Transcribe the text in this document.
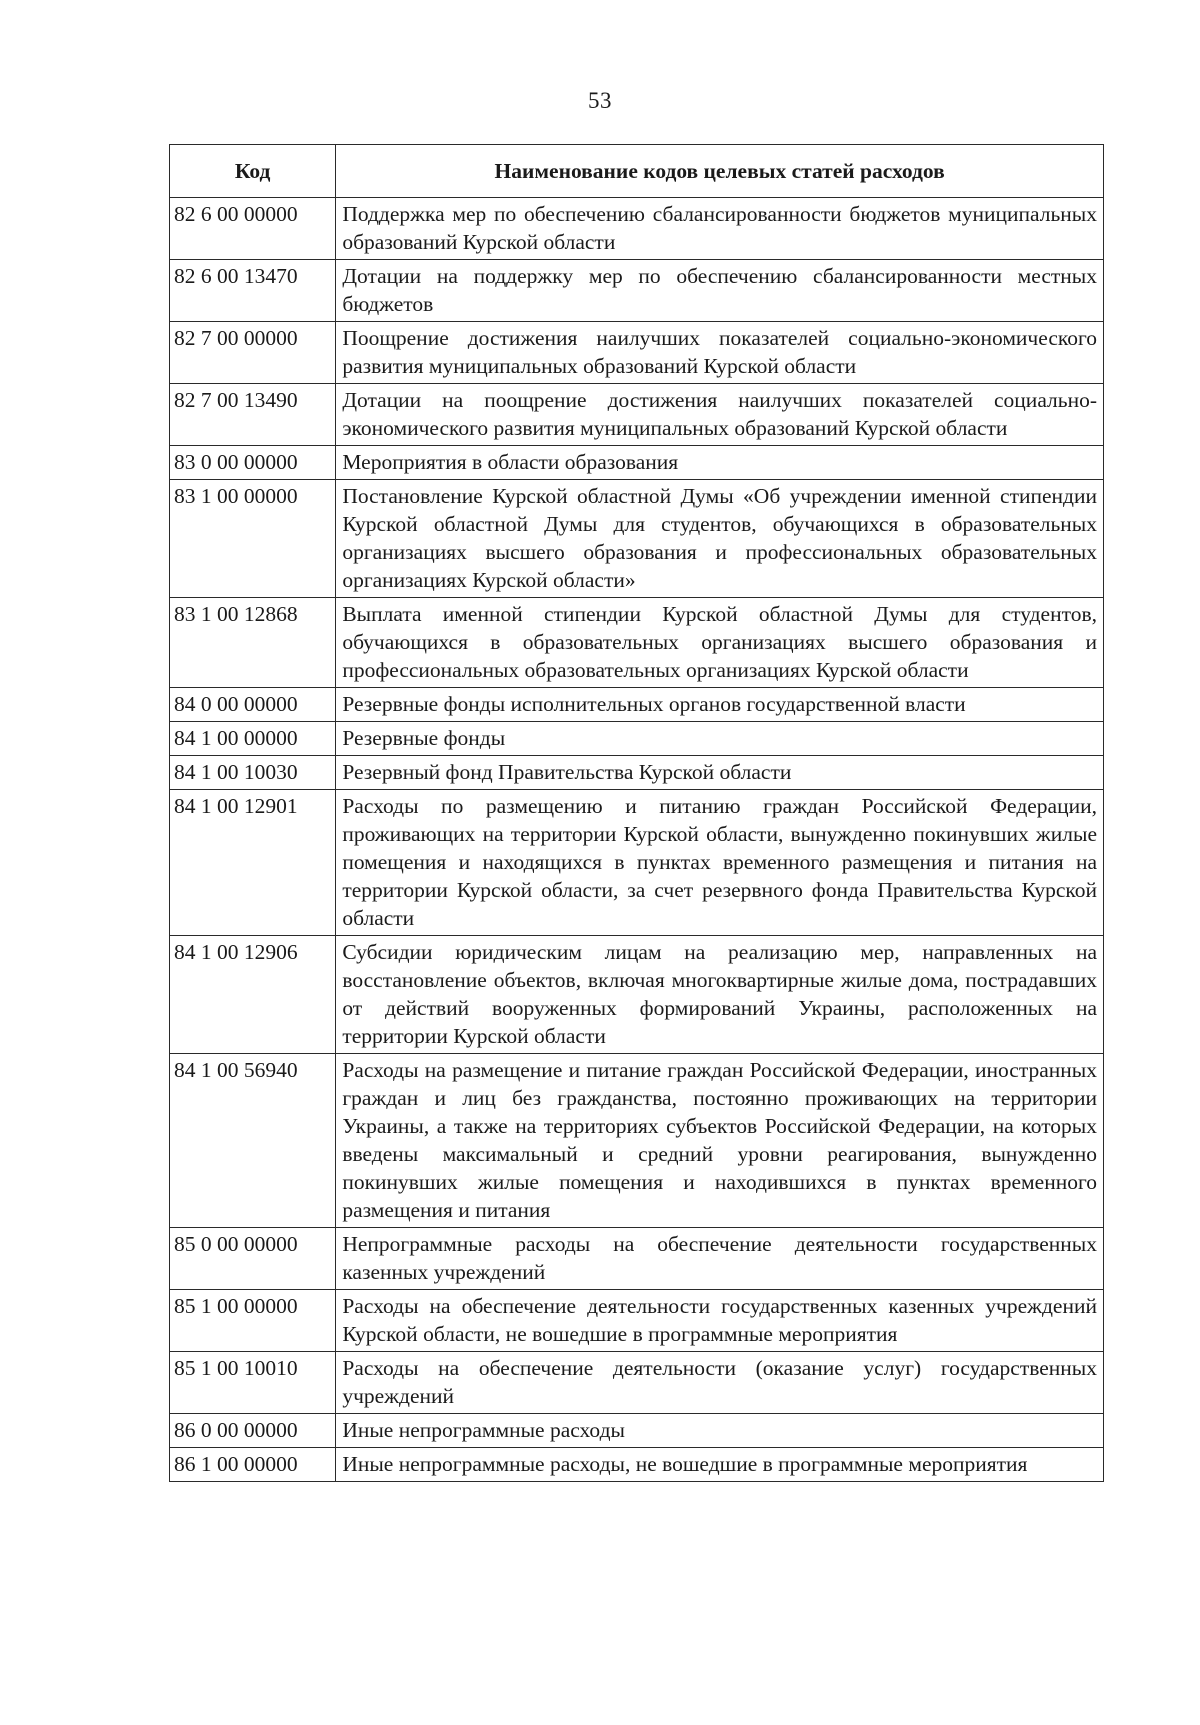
53
Код	Наименование кодов целевых статей расходов
82 6 00 00000	Поддержка мер по обеспечению сбалансированности бюджетов муниципальных образований Курской области
82 6 00 13470	Дотации на поддержку мер по обеспечению сбалансированности местных бюджетов
82 7 00 00000	Поощрение достижения наилучших показателей социально-экономического развития муниципальных образований Курской области
82 7 00 13490	Дотации на поощрение достижения наилучших показателей социально-экономического развития муниципальных образований Курской области
83 0 00 00000	Мероприятия в области образования
83 1 00 00000	Постановление Курской областной Думы «Об учреждении именной стипендии Курской областной Думы для студентов, обучающихся в образовательных организациях высшего образования и профессиональных образовательных организациях Курской области»
83 1 00 12868	Выплата именной стипендии Курской областной Думы для студентов, обучающихся в образовательных организациях высшего образования и профессиональных образовательных организациях Курской области
84 0 00 00000	Резервные фонды исполнительных органов государственной власти
84 1 00 00000	Резервные фонды
84 1 00 10030	Резервный фонд Правительства Курской области
84 1 00 12901	Расходы по размещению и питанию граждан Российской Федерации, проживающих на территории Курской области, вынужденно покинувших жилые помещения и находящихся в пунктах временного размещения и питания на территории Курской области, за счет резервного фонда Правительства Курской области
84 1 00 12906	Субсидии юридическим лицам на реализацию мер, направленных на восстановление объектов, включая многоквартирные жилые дома, пострадавших от действий вооруженных формирований Украины, расположенных на территории Курской области
84 1 00 56940	Расходы на размещение и питание граждан Российской Федерации, иностранных граждан и лиц без гражданства, постоянно проживающих на территории Украины, а также на территориях субъектов Российской Федерации, на которых введены максимальный и средний уровни реагирования, вынужденно покинувших жилые помещения и находившихся в пунктах временного размещения и питания
85 0 00 00000	Непрограммные расходы на обеспечение деятельности государственных казенных учреждений
85 1 00 00000	Расходы на обеспечение деятельности государственных казенных учреждений Курской области, не вошедшие в программные мероприятия
85 1 00 10010	Расходы на обеспечение деятельности (оказание услуг) государственных учреждений
86 0 00 00000	Иные непрограммные расходы
86 1 00 00000	Иные непрограммные расходы, не вошедшие в программные мероприятия
